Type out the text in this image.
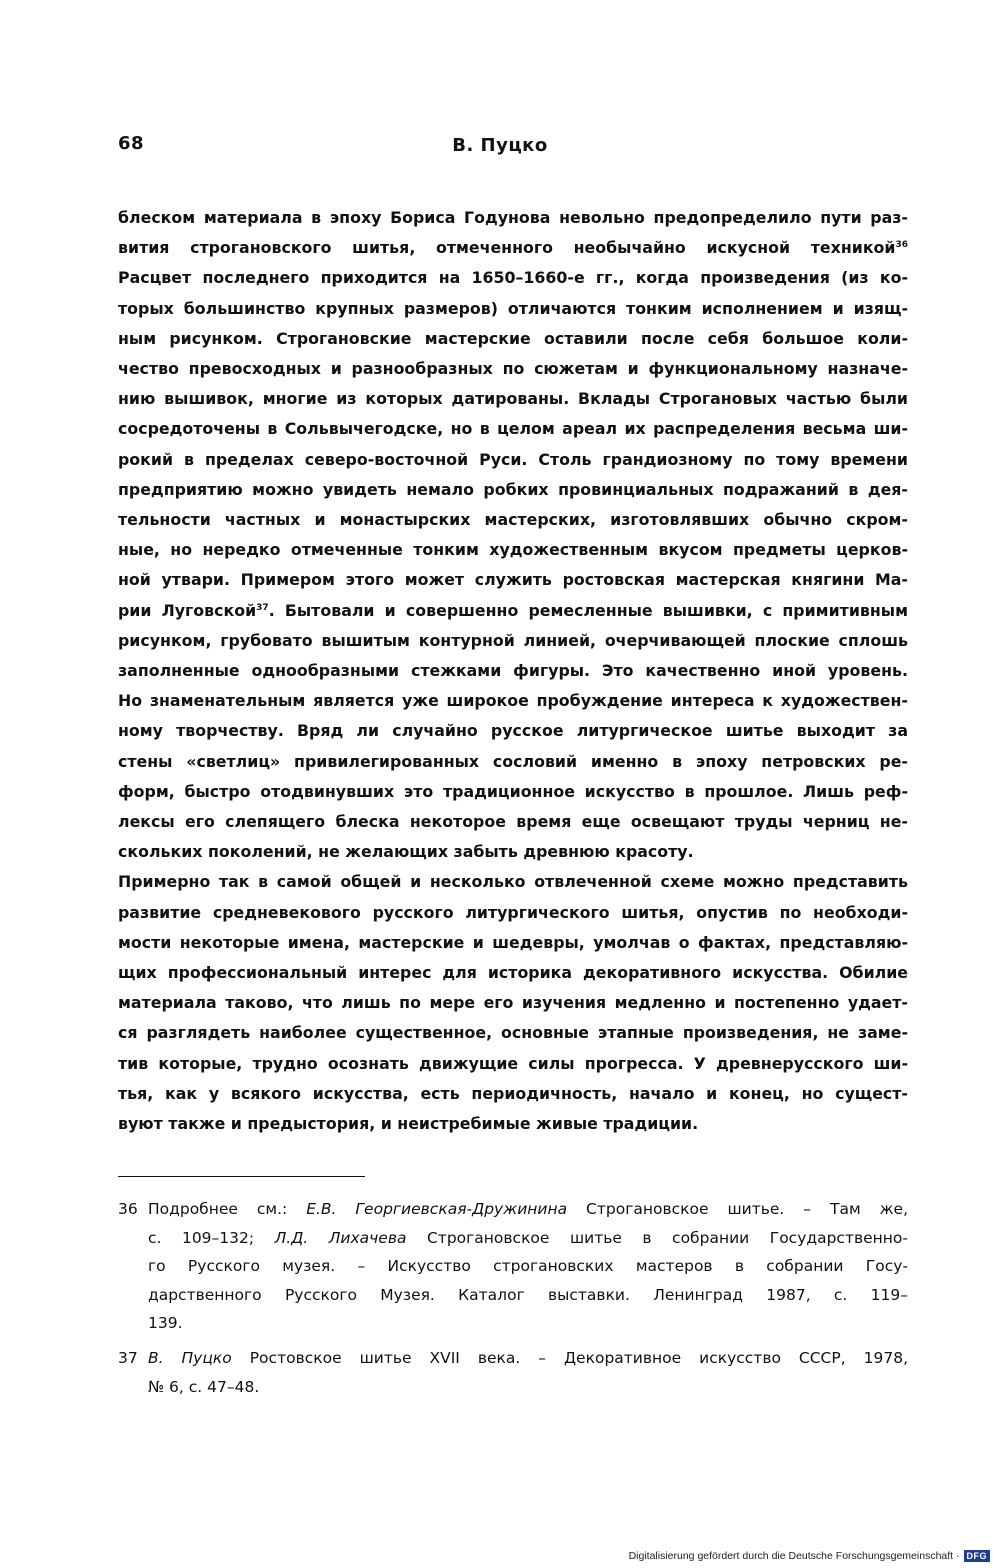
68	В. Пуцко
блеском материала в эпоху Бориса Годунова невольно предопределило пути раз-
вития строгановского шитья, отмеченного необычайно искусной техникой$^{36}$
Расцвет последнего приходится на 1650–1660-е гг., когда произведения (из ко-
торых большинство крупных размеров) отличаются тонким исполнением и изящ-
ным рисунком. Строгановские мастерские оставили после себя большое коли-
чество превосходных и разнообразных по сюжетам и функциональному назначе-
нию вышивок, многие из которых датированы. Вклады Строгановых частью были
сосредоточены в Сольвычегодске, но в целом ареал их распределения весьма ши-
рокий в пределах северо-восточной Руси. Столь грандиозному по тому времени
предприятию можно увидеть немало робких провинциальных подражаний в дея-
тельности частных и монастырских мастерских, изготовлявших обычно скром-
ные, но нередко отмеченные тонким художественным вкусом предметы церков-
ной утвари. Примером этого может служить ростовская мастерская княгини Ма-
рии Луговской$^{37}$. Бытовали и совершенно ремесленные вышивки, с примитивным
рисунком, грубовато вышитым контурной линией, очерчивающей плоские сплошь
заполненные однообразными стежками фигуры. Это качественно иной уровень.
Но знаменательным является уже широкое пробуждение интереса к художествен-
ному творчеству. Вряд ли случайно русское литургическое шитье выходит за
стены «светлиц» привилегированных сословий именно в эпоху петровских ре-
форм, быстро отодвинувших это традиционное искусство в прошлое. Лишь реф-
лексы его слепящего блеска некоторое время еще освещают труды черниц не-
скольких поколений, не желающих забыть древнюю красоту.
Примерно так в самой общей и несколько отвлеченной схеме можно представить
развитие средневекового русского литургического шитья, опустив по необходи-
мости некоторые имена, мастерские и шедевры, умолчав о фактах, представляю-
щих профессиональный интерес для историка декоративного искусства. Обилие
материала таково, что лишь по мере его изучения медленно и постепенно удает-
ся разглядеть наиболее существенное, основные этапные произведения, не заме-
тив которые, трудно осознать движущие силы прогресса. У древнерусского ши-
тья, как у всякого искусства, есть периодичность, начало и конец, но сущест-
вуют также и предыстория, и неистребимые живые традиции.
36 Подробнее см.: Е.В. Георгиевская-Дружинина Строгановское шитье. – Там же,
с. 109–132; Л.Д. Лихачева Строгановское шитье в собрании Государственно-
го Русского музея. – Искусство строгановских мастеров в собрании Госу-
дарственного Русского Музея. Каталог выставки. Ленинград 1987, с. 119–
139.
37 В. Пуцко Ростовское шитье XVII века. – Декоративное искусство СССР, 1978,
№ 6, с. 47–48.
Digitalisierung gefördert durch die Deutsche Forschungsgemeinschaft · DFG
